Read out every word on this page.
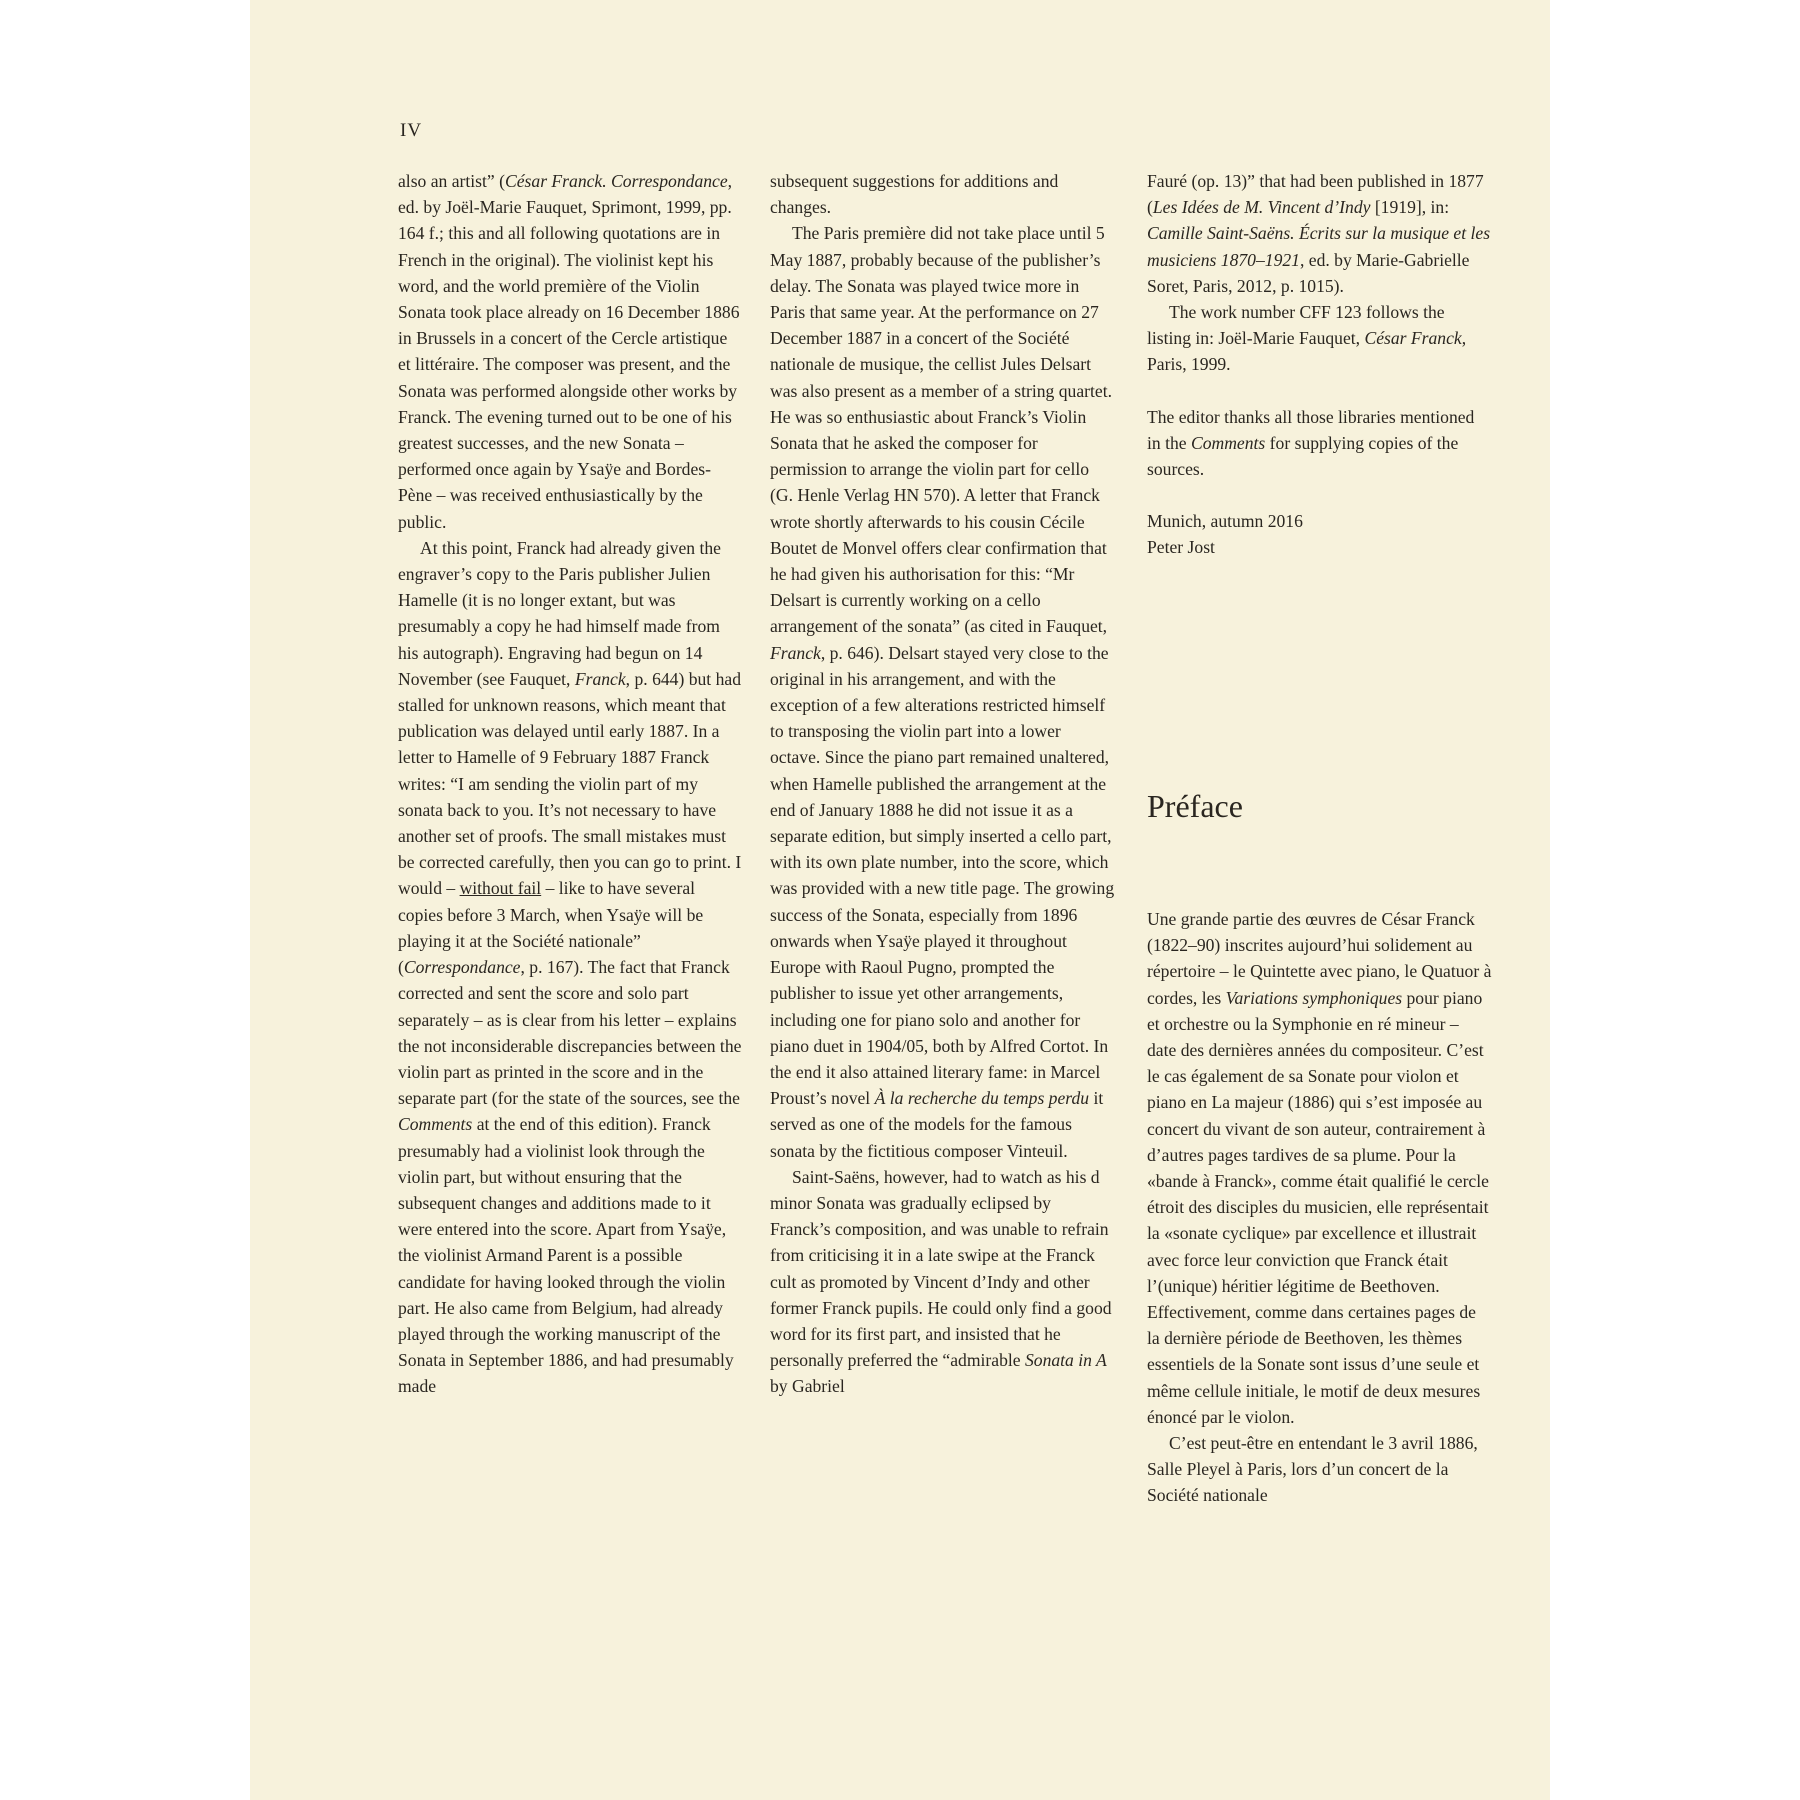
IV

also an artist” (César Franck. Correspondance, ed. by Joël-Marie Fauquet, Sprimont, 1999, pp. 164 f.; this and all following quotations are in French in the original). The violinist kept his word, and the world première of the Violin Sonata took place already on 16 December 1886 in Brussels in a concert of the Cercle artistique et littéraire. The composer was present, and the Sonata was performed alongside other works by Franck. The evening turned out to be one of his greatest successes, and the new Sonata – performed once again by Ysaÿe and Bordes-Pène – was received enthusiastically by the public.

At this point, Franck had already given the engraver’s copy to the Paris publisher Julien Hamelle (it is no longer extant, but was presumably a copy he had himself made from his autograph). Engraving had begun on 14 November (see Fauquet, Franck, p. 644) but had stalled for unknown reasons, which meant that publication was delayed until early 1887. In a letter to Hamelle of 9 February 1887 Franck writes: “I am sending the violin part of my sonata back to you. It’s not necessary to have another set of proofs. The small mistakes must be corrected carefully, then you can go to print. I would – without fail – like to have several copies before 3 March, when Ysaÿe will be playing it at the Société nationale” (Correspondance, p. 167). The fact that Franck corrected and sent the score and solo part separately – as is clear from his letter – explains the not inconsiderable discrepancies between the violin part as printed in the score and in the separate part (for the state of the sources, see the Comments at the end of this edition). Franck presumably had a violinist look through the violin part, but without ensuring that the subsequent changes and additions made to it were entered into the score. Apart from Ysaÿe, the violinist Armand Parent is a possible candidate for having looked through the violin part. He also came from Belgium, had already played through the working manuscript of the Sonata in September 1886, and had presumably made

subsequent suggestions for additions and changes.

The Paris première did not take place until 5 May 1887, probably because of the publisher’s delay. The Sonata was played twice more in Paris that same year. At the performance on 27 December 1887 in a concert of the Société nationale de musique, the cellist Jules Delsart was also present as a member of a string quartet. He was so enthusiastic about Franck’s Violin Sonata that he asked the composer for permission to arrange the violin part for cello (G. Henle Verlag HN 570). A letter that Franck wrote shortly afterwards to his cousin Cécile Boutet de Monvel offers clear confirmation that he had given his authorisation for this: “Mr Delsart is currently working on a cello arrangement of the sonata” (as cited in Fauquet, Franck, p. 646). Delsart stayed very close to the original in his arrangement, and with the exception of a few alterations restricted himself to transposing the violin part into a lower octave. Since the piano part remained unaltered, when Hamelle published the arrangement at the end of January 1888 he did not issue it as a separate edition, but simply inserted a cello part, with its own plate number, into the score, which was provided with a new title page. The growing success of the Sonata, especially from 1896 onwards when Ysaÿe played it throughout Europe with Raoul Pugno, prompted the publisher to issue yet other arrangements, including one for piano solo and another for piano duet in 1904/05, both by Alfred Cortot. In the end it also attained literary fame: in Marcel Proust’s novel À la recherche du temps perdu it served as one of the models for the famous sonata by the fictitious composer Vinteuil.

Saint-Saëns, however, had to watch as his d minor Sonata was gradually eclipsed by Franck’s composition, and was unable to refrain from criticising it in a late swipe at the Franck cult as promoted by Vincent d’Indy and other former Franck pupils. He could only find a good word for its first part, and insisted that he personally preferred the “admirable Sonata in A by Gabriel

Fauré (op. 13)” that had been published in 1877 (Les Idées de M. Vincent d’Indy [1919], in: Camille Saint-Saëns. Écrits sur la musique et les musiciens 1870–1921, ed. by Marie-Gabrielle Soret, Paris, 2012, p. 1015).

The work number CFF 123 follows the listing in: Joël-Marie Fauquet, César Franck, Paris, 1999.

The editor thanks all those libraries mentioned in the Comments for supplying copies of the sources.

Munich, autumn 2016
Peter Jost

Préface

Une grande partie des œuvres de César Franck (1822–90) inscrites aujourd’hui solidement au répertoire – le Quintette avec piano, le Quatuor à cordes, les Variations symphoniques pour piano et orchestre ou la Symphonie en ré mineur – date des dernières années du compositeur. C’est le cas également de sa Sonate pour violon et piano en La majeur (1886) qui s’est imposée au concert du vivant de son auteur, contrairement à d’autres pages tardives de sa plume. Pour la «bande à Franck», comme était qualifié le cercle étroit des disciples du musicien, elle représentait la «sonate cyclique» par excellence et illustrait avec force leur conviction que Franck était l’(unique) héritier légitime de Beethoven. Effectivement, comme dans certaines pages de la dernière période de Beethoven, les thèmes essentiels de la Sonate sont issus d’une seule et même cellule initiale, le motif de deux mesures énoncé par le violon.

C’est peut-être en entendant le 3 avril 1886, Salle Pleyel à Paris, lors d’un concert de la Société nationale
